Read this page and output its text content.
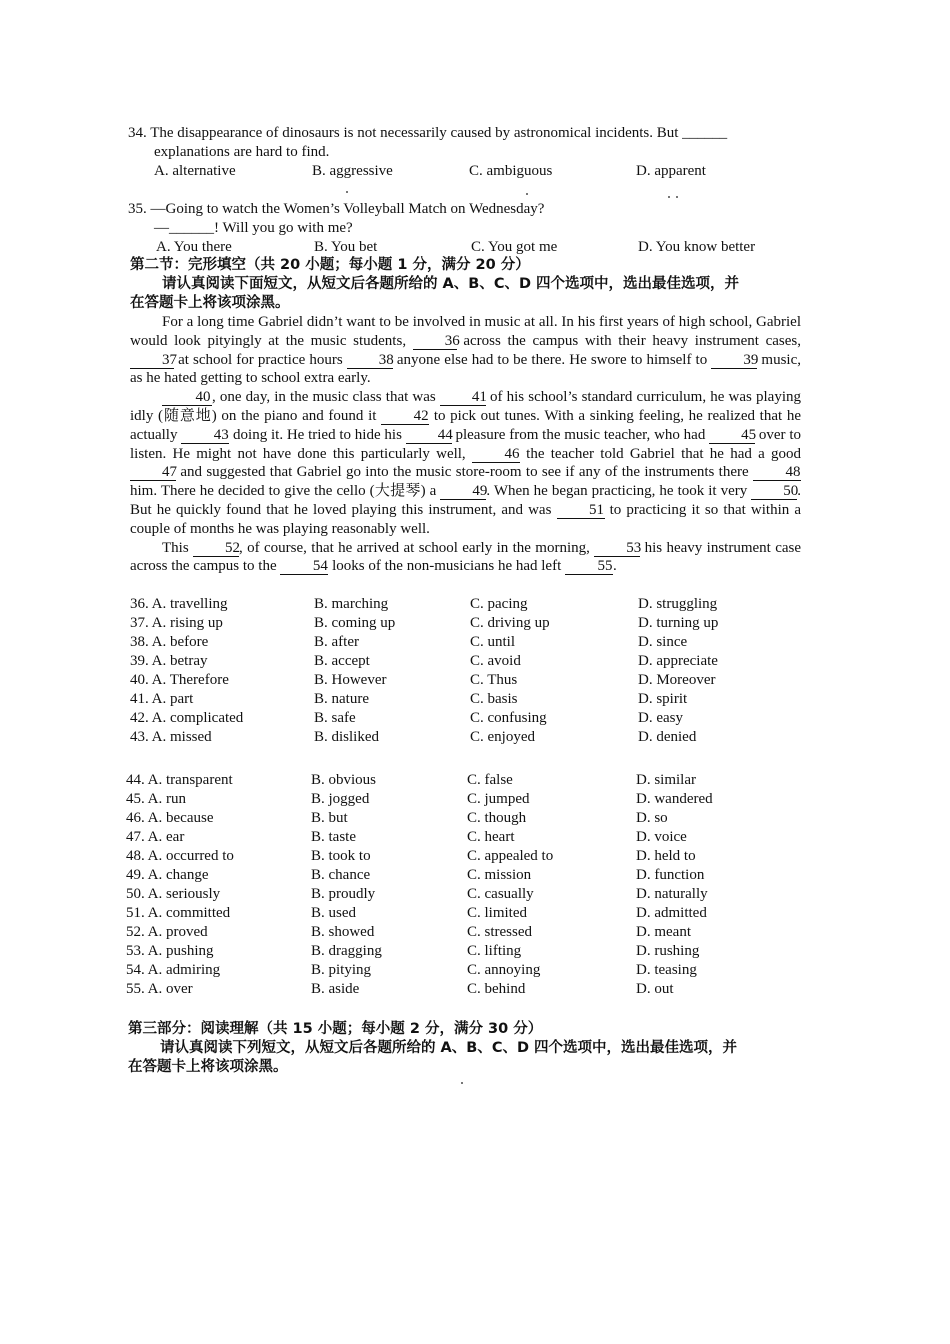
34. The disappearance of dinosaurs is not necessarily caused by astronomical incidents. But ______
explanations are hard to find.
A. alternative	B. aggressive	C. ambiguous	D. apparent
35. —Going to watch the Women’s Volleyball Match on Wednesday?
—______! Will you go with me?
A. You there	B. You bet	C. You got me	D. You know better
第二节：完形填空（共 20 小题；每小题 1 分，满分 20 分）
请认真阅读下面短文，从短文后各题所给的 A、B、C、D 四个选项中，选出最佳选项，并
在答题卡上将该项涂黑。

For a long time Gabriel didn’t want to be involved in music at all. In his first years of high school, Gabriel would look pityingly at the music students, 36 across the campus with their heavy instrument cases, 37 at school for practice hours 38 anyone else had to be there. He swore to himself to 39 music, as he hated getting to school extra early.

40 , one day, in the music class that was 41 of his school’s standard curriculum, he was playing idly (随意地) on the piano and found it 42 to pick out tunes. With a sinking feeling, he realized that he actually 43 doing it. He tried to hide his 44 pleasure from the music teacher, who had 45 over to listen. He might not have done this particularly well, 46 the teacher told Gabriel that he had a good 47 and suggested that Gabriel go into the music store-room to see if any of the instruments there 48 him. There he decided to give the cello (大提琴) a 49. When he began practicing, he took it very 50. But he quickly found that he loved playing this instrument, and was 51 to practicing it so that within a couple of months he was playing reasonably well.

This 52, of course, that he arrived at school early in the morning, 53 his heavy instrument case across the campus to the 54 looks of the non-musicians he had left 55.

36. A. travelling	B. marching	C. pacing	D. struggling
37. A. rising up	B. coming up	C. driving up	D. turning up
38. A. before	B. after	C. until	D. since
39. A. betray	B. accept	C. avoid	D. appreciate
40. A. Therefore	B. However	C. Thus	D. Moreover
41. A. part	B. nature	C. basis	D. spirit
42. A. complicated	B. safe	C. confusing	D. easy
43. A. missed	B. disliked	C. enjoyed	D. denied
44. A. transparent	B. obvious	C. false	D. similar
45. A. run	B. jogged	C. jumped	D. wandered
46. A. because	B. but	C. though	D. so
47. A. ear	B. taste	C. heart	D. voice
48. A. occurred to	B. took to	C. appealed to	D. held to
49. A. change	B. chance	C. mission	D. function
50. A. seriously	B. proudly	C. casually	D. naturally
51. A. committed	B. used	C. limited	D. admitted
52. A. proved	B. showed	C. stressed	D. meant
53. A. pushing	B. dragging	C. lifting	D. rushing
54. A. admiring	B. pitying	C. annoying	D. teasing
55. A. over	B. aside	C. behind	D. out
第三部分：阅读理解（共 15 小题；每小题 2 分，满分 30 分）
请认真阅读下列短文，从短文后各题所给的 A、B、C、D 四个选项中，选出最佳选项，并
在答题卡上将该项涂黑。
